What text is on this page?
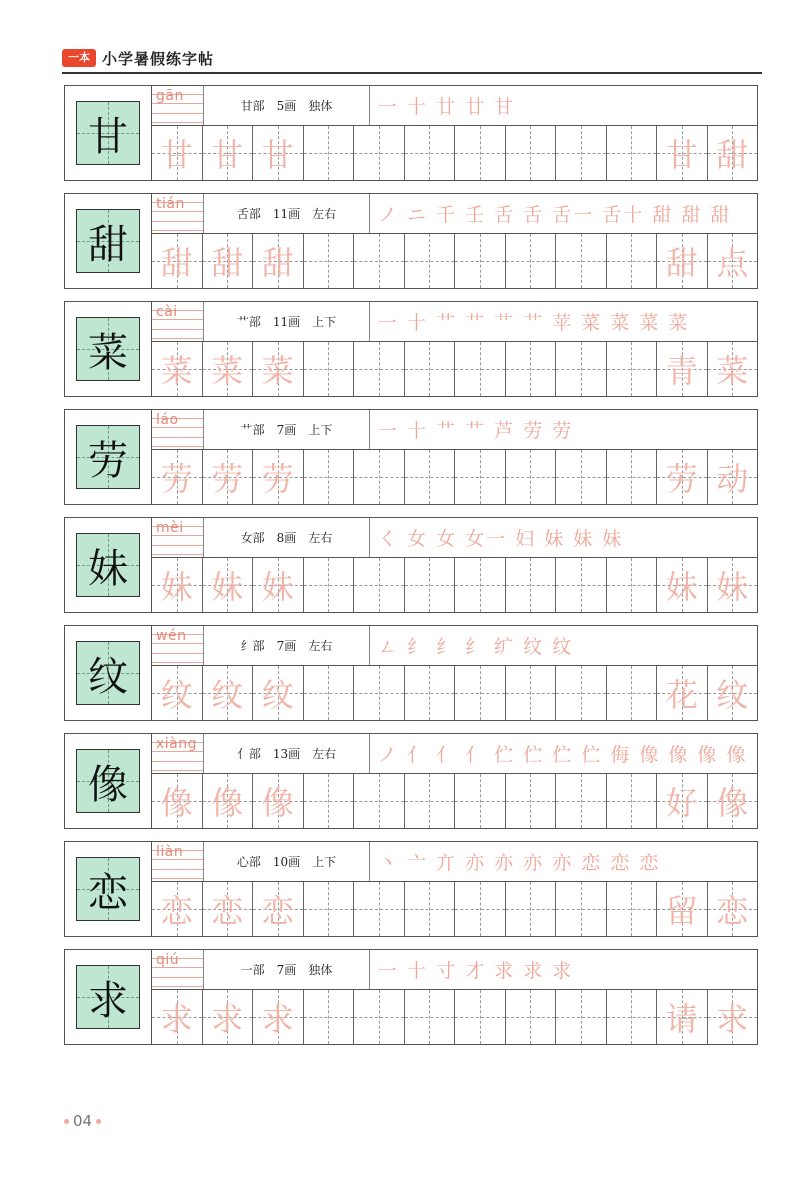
一本 小学暑假练字帖
甘
gān
甘部 5画 独体 一 十 廿 廿 甘
甘 甘 甘	甘 甜
甜
tián
舌部 11画 左右 ノ ニ 千 壬 舌 舌 舌一 舌十 甜 甜 甜
甜 甜 甜	甜 点
菜
cài
艹部 11画 上下 一 十 艹 艹 艹 艹 苹 菜 菜 菜 菜
菜 菜 菜	青 菜
劳
láo
艹部 7画 上下 一 十 艹 艹 芦 劳 劳
劳 劳 劳	劳 动
妹
mèi
女部 8画 左右 く 女 女 女一 妇 妹 妹 妹
妹 妹 妹	妹 妹
纹
wén
纟部 7画 左右 ㄥ 纟 纟 纟 纩 纹 纹
纹 纹 纹	花 纹
像
xiàng
亻部 13画 左右 ノ 亻 亻 亻 伫 伫 伫 伫 侮 像 像 像 像
像 像 像	好 像
恋
liàn
心部 10画 上下 丶 亠 亣 亦 亦 亦 亦 恋 恋 恋
恋 恋 恋	留 恋
求
qiú
一部 7画 独体 一 十 寸 才 求 求 求
求 求 求	请 求
04
